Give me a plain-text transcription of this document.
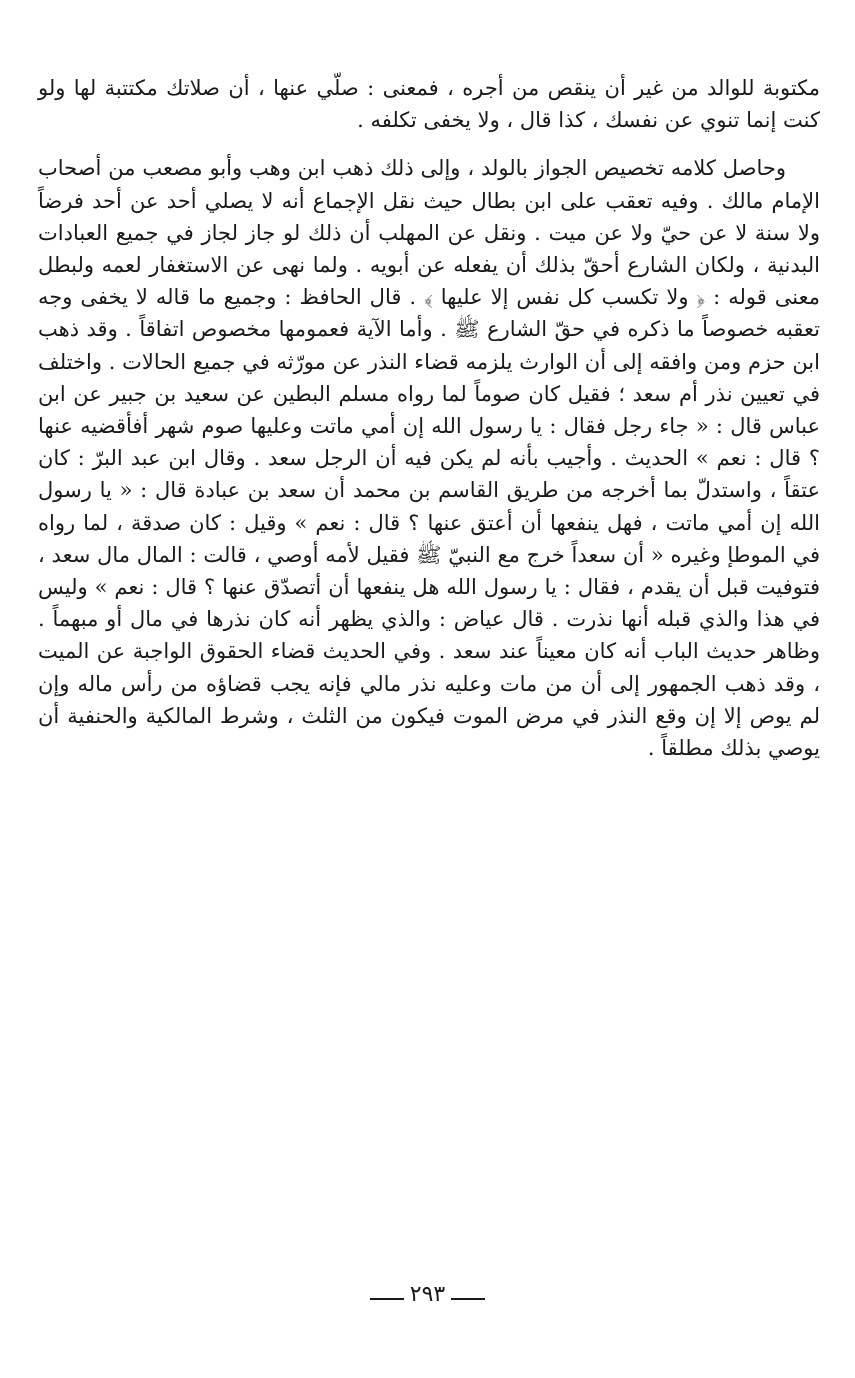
مكتوبة للوالد من غير أن ينقص من أجره ، فمعنى : صلّي عنها ، أن صلاتك مكتتبة لها ولو كنت إنما تنوي عن نفسك ، كذا قال ، ولا يخفى تكلفه .

وحاصل كلامه تخصيص الجواز بالولد ، وإلى ذلك ذهب ابن وهب وأبو مصعب من أصحاب الإمام مالك . وفيه تعقب على ابن بطال حيث نقل الإجماع أنه لا يصلي أحد عن أحد فرضاً ولا سنة لا عن حيّ ولا عن ميت . ونقل عن المهلب أن ذلك لو جاز لجاز في جميع العبادات البدنية ، ولكان الشارع أحقّ بذلك أن يفعله عن أبويه . ولما نهى عن الاستغفار لعمه ولبطل معنى قوله : ﴿ ولا تكسب كل نفس إلا عليها ﴾ . قال الحافظ : وجميع ما قاله لا يخفى وجه تعقبه خصوصاً ما ذكره في حقّ الشارع ﷺ . وأما الآية فعمومها مخصوص اتفاقاً . وقد ذهب ابن حزم ومن وافقه إلى أن الوارث يلزمه قضاء النذر عن مورّثه في جميع الحالات . واختلف في تعيين نذر أم سعد ؛ فقيل كان صوماً لما رواه مسلم البطين عن سعيد بن جبير عن ابن عباس قال : « جاء رجل فقال : يا رسول الله إن أمي ماتت وعليها صوم شهر أفأقضيه عنها ؟ قال : نعم » الحديث . وأجيب بأنه لم يكن فيه أن الرجل سعد . وقال ابن عبد البرّ : كان عتقاً ، واستدلّ بما أخرجه من طريق القاسم بن محمد أن سعد بن عبادة قال : « يا رسول الله إن أمي ماتت ، فهل ينفعها أن أعتق عنها ؟ قال : نعم » وقيل : كان صدقة ، لما رواه في الموطإ وغيره « أن سعداً خرج مع النبيّ ﷺ فقيل لأمه أوصي ، قالت : المال مال سعد ، فتوفيت قبل أن يقدم ، فقال : يا رسول الله هل ينفعها أن أتصدّق عنها ؟ قال : نعم » وليس في هذا والذي قبله أنها نذرت . قال عياض : والذي يظهر أنه كان نذرها في مال أو مبهماً . وظاهر حديث الباب أنه كان معيناً عند سعد . وفي الحديث قضاء الحقوق الواجبة عن الميت ، وقد ذهب الجمهور إلى أن من مات وعليه نذر مالي فإنه يجب قضاؤه من رأس ماله وإن لم يوص إلا إن وقع النذر في مرض الموت فيكون من الثلث ، وشرط المالكية والحنفية أن يوصي بذلك مطلقاً .

٢٩٣
